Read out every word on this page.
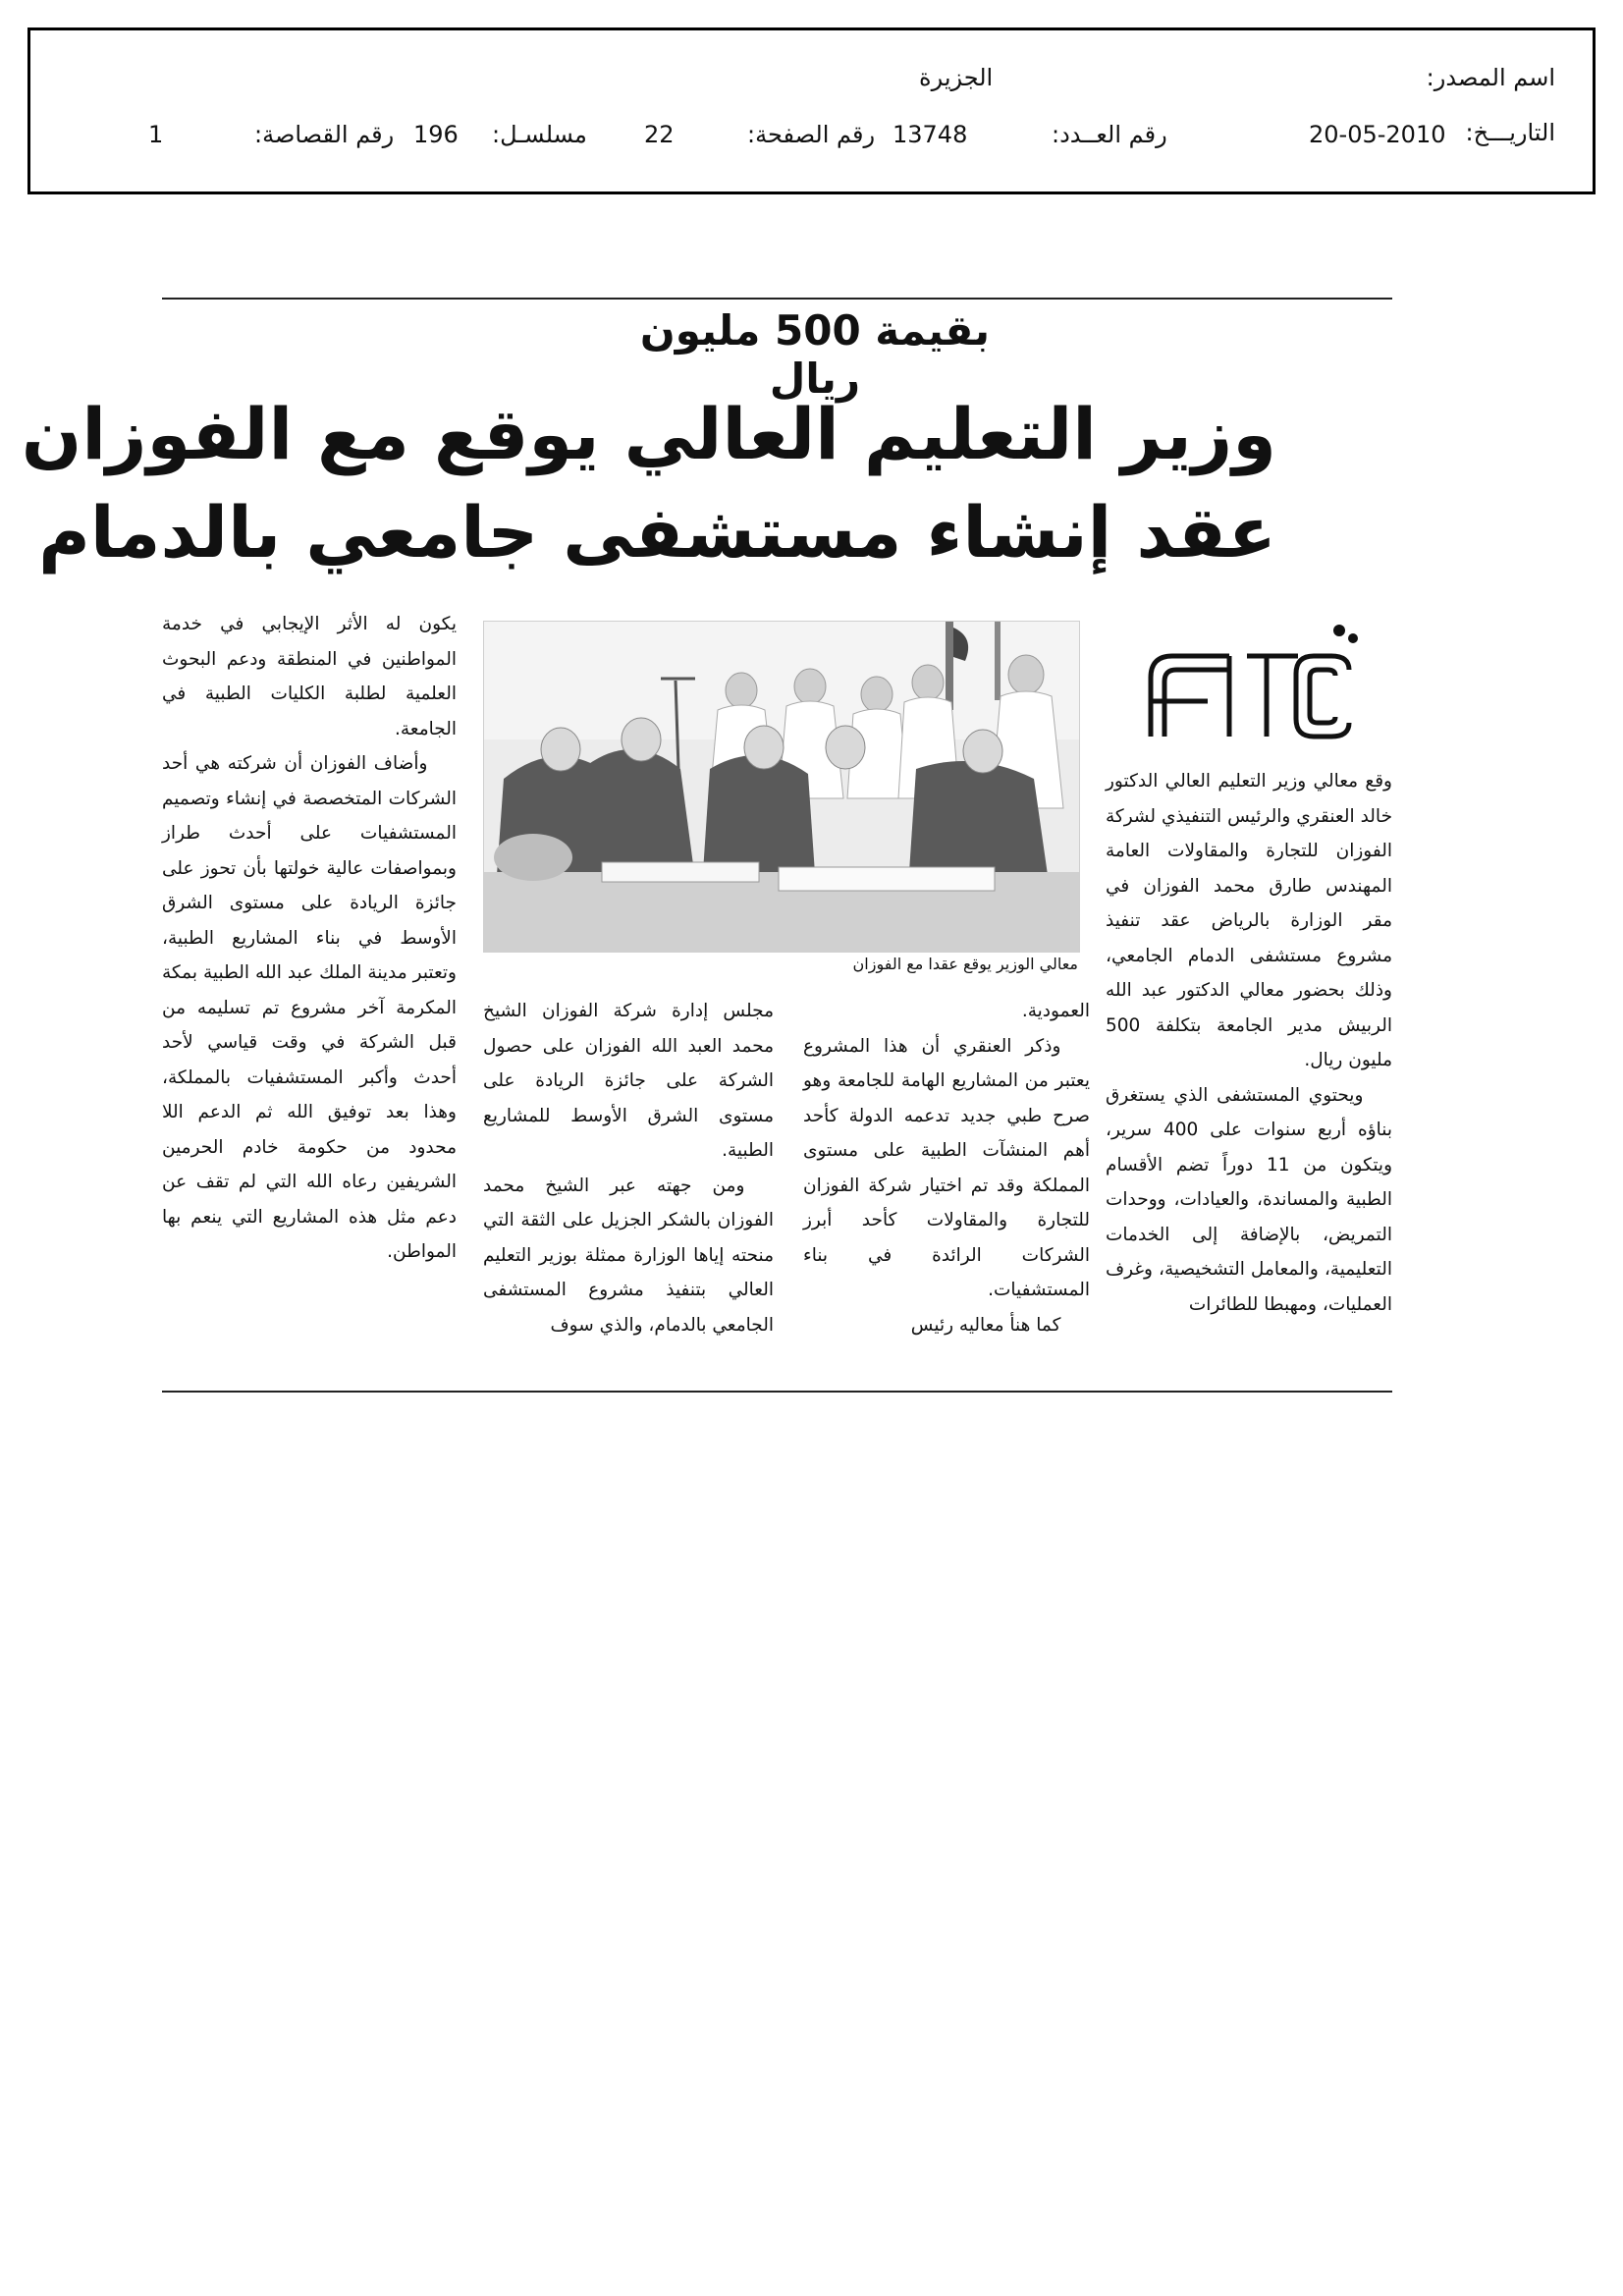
اسم المصدر:
الجزيرة
التاريـــخ:
20-05-2010
رقم العــدد:
13748
رقم الصفحة:
22
مسلسـل:
196
رقم القصاصة:
1
بقيمة 500 مليون ريال
وزير التعليم العالي يوقع مع الفوزان
عقد إنشاء مستشفى جامعي بالدمام
معالي الوزير يوقع عقدا مع الفوزان

وقع معالي وزير التعليم العالي الدكتور خالد العنقري والرئيس التنفيذي لشركة الفوزان للتجارة والمقاولات العامة المهندس طارق محمد الفوزان في مقر الوزارة بالرياض عقد تنفيذ مشروع مستشفى الدمام الجامعي، وذلك بحضور معالي الدكتور عبد الله الربيش مدير الجامعة بتكلفة 500 مليون ريال.

ويحتوي المستشفى الذي يستغرق بناؤه أربع سنوات على 400 سرير، ويتكون من 11 دوراً تضم الأقسام الطبية والمساندة، والعيادات، ووحدات التمريض، بالإضافة إلى الخدمات التعليمية، والمعامل التشخيصية، وغرف العمليات، ومهبطا للطائرات

العمودية.

وذكر العنقري أن هذا المشروع يعتبر من المشاريع الهامة للجامعة وهو صرح طبي جديد تدعمه الدولة كأحد أهم المنشآت الطبية على مستوى المملكة وقد تم اختيار شركة الفوزان للتجارة والمقاولات كأحد أبرز الشركات الرائدة في بناء المستشفيات.

كما هنأ معاليه رئيس

مجلس إدارة شركة الفوزان الشيخ محمد العبد الله الفوزان على حصول الشركة على جائزة الريادة على مستوى الشرق الأوسط للمشاريع الطبية.

ومن جهته عبر الشيخ محمد الفوزان بالشكر الجزيل على الثقة التي منحته إياها الوزارة ممثلة بوزير التعليم العالي بتنفيذ مشروع المستشفى الجامعي بالدمام، والذي سوف

يكون له الأثر الإيجابي في خدمة المواطنين في المنطقة ودعم البحوث العلمية لطلبة الكليات الطبية في الجامعة.

وأضاف الفوزان أن شركته هي أحد الشركات المتخصصة في إنشاء وتصميم المستشفيات على أحدث طراز وبمواصفات عالية خولتها بأن تحوز على جائزة الريادة على مستوى الشرق الأوسط في بناء المشاريع الطبية، وتعتبر مدينة الملك عبد الله الطبية بمكة المكرمة آخر مشروع تم تسليمه من قبل الشركة في وقت قياسي لأحد أحدث وأكبر المستشفيات بالمملكة، وهذا بعد توفيق الله ثم الدعم اللا محدود من حكومة خادم الحرمين الشريفين رعاه الله التي لم تقف عن دعم مثل هذه المشاريع التي ينعم بها المواطن.
